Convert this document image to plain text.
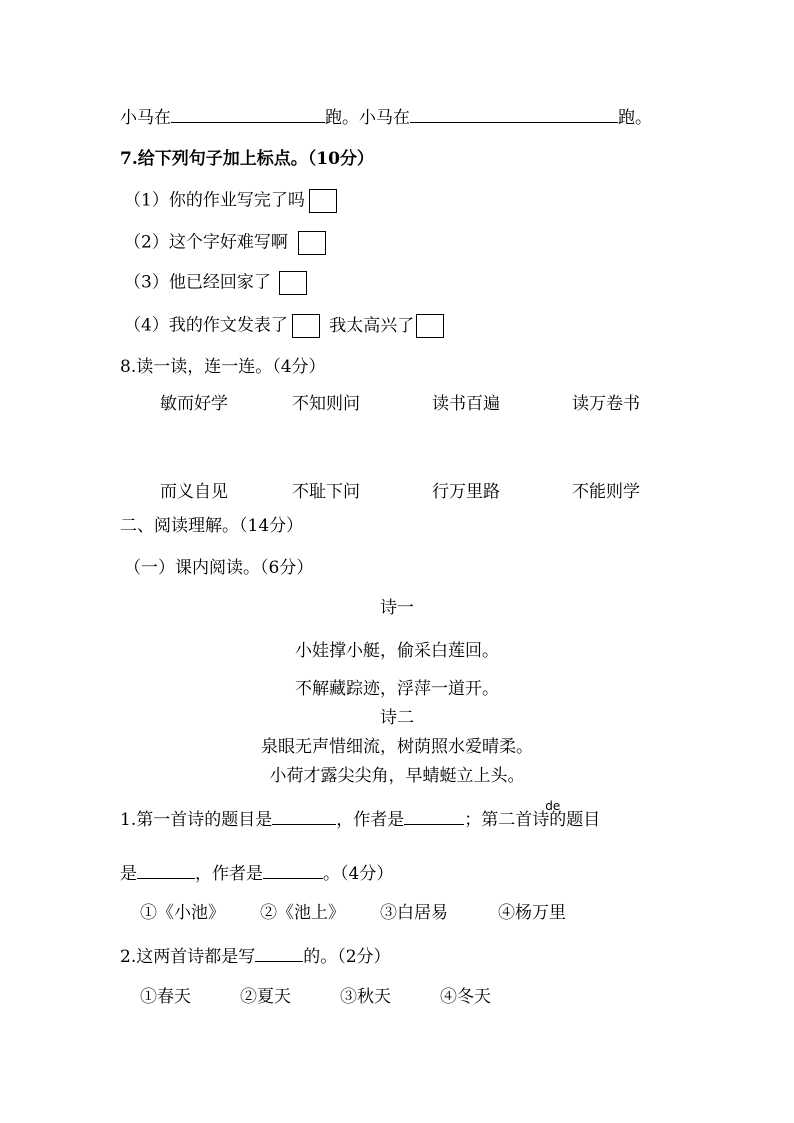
小马在	跑。小马在	跑。
7.给下列句子加上标点。（10分）
（1）你的作业写完了吗
（2）这个字好难写啊
（3）他已经回家了
（4）我的作文发表了 我太高兴了
8.读一读，连一连。（4分）
敏而好学	不知则问	读书百遍	读万卷书
而义自见	不耻下问	行万里路	不能则学
二、阅读理解。（14分）
（一）课内阅读。（6分）
诗一
小娃撑小艇，偷采白莲回。
不解藏踪迹，浮萍一道开。
诗二
泉眼无声惜细流，树荫照水爱晴柔。
小荷才露尖尖角，早蜻蜓立上头。
1.第一首诗的题目是	，作者是	；第二首诗
de
的题目
是	，作者是	。（4分）
①《小池》 ②《池上》 ③白居易	④杨万里
2.这两首诗都是写	的。（2分）
①春天	②夏天	③秋天	④冬天
